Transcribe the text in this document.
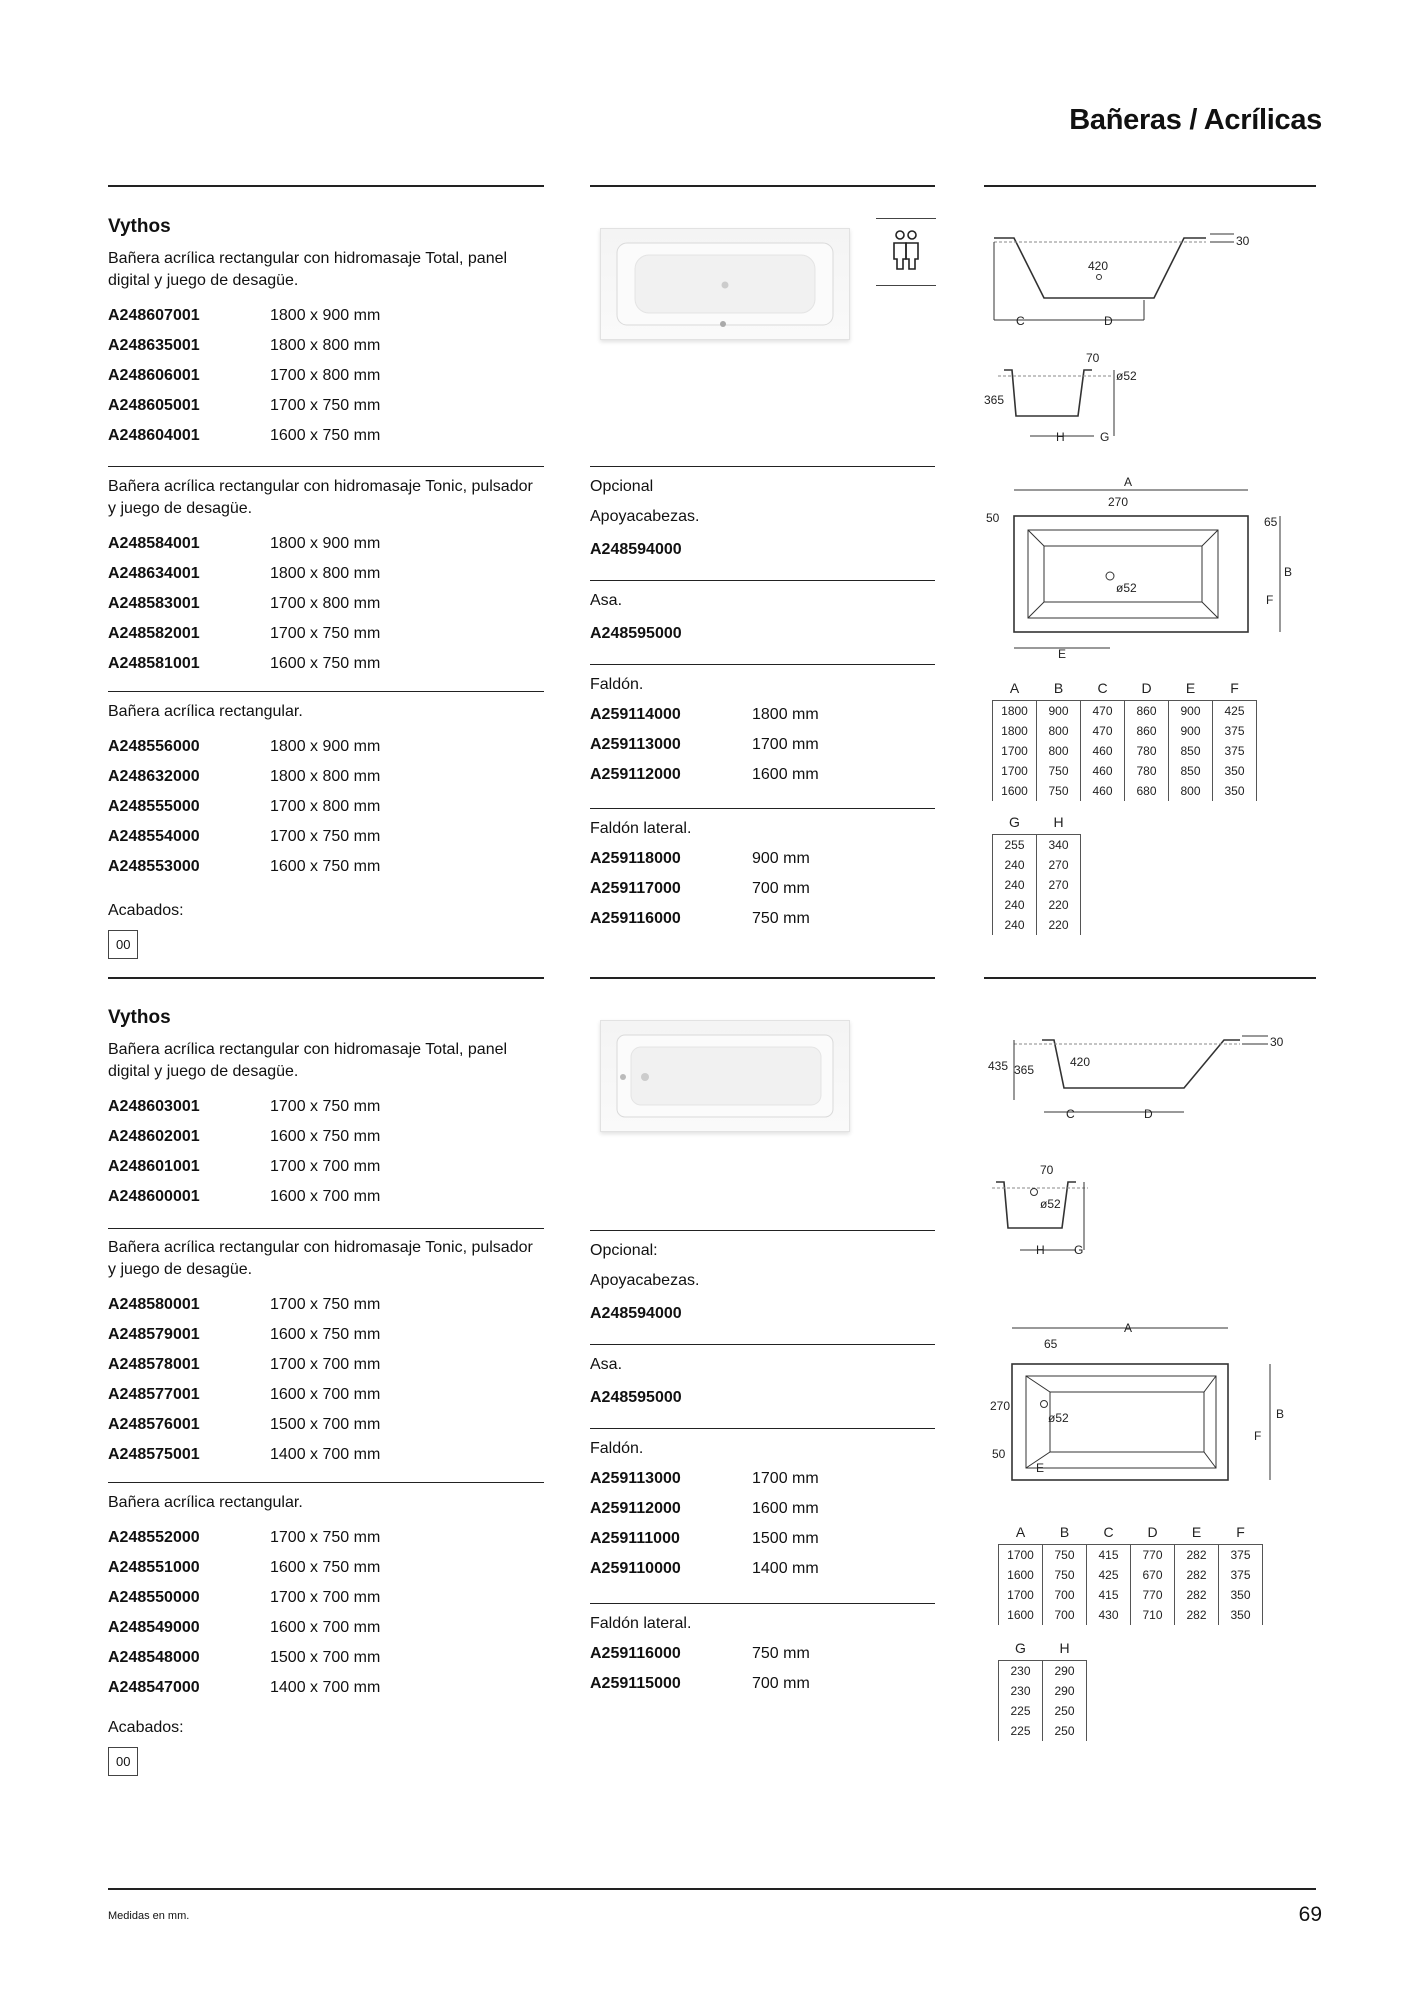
Bañeras / Acrílicas
Vythos
Bañera acrílica rectangular con hidromasaje Total, panel digital y juego de desagüe.
A248607001	1800 x 900 mm
A248635001	1800 x 800 mm
A248606001	1700 x 800 mm
A248605001	1700 x 750 mm
A248604001	1600 x 750 mm
Bañera acrílica rectangular con hidromasaje Tonic, pulsador y juego de desagüe.
A248584001	1800 x 900 mm
A248634001	1800 x 800 mm
A248583001	1700 x 800 mm
A248582001	1700 x 750 mm
A248581001	1600 x 750 mm
Bañera acrílica rectangular.
A248556000	1800 x 900 mm
A248632000	1800 x 800 mm
A248555000	1700 x 800 mm
A248554000	1700 x 750 mm
A248553000	1600 x 750 mm
Acabados:
00
Opcional
Apoyacabezas.
A248594000
Asa.
A248595000
Faldón.
A259114000	1800 mm
A259113000	1700 mm
A259112000	1600 mm
Faldón lateral.
A259118000	900 mm
A259117000	700 mm
A259116000	750 mm
30
420
C	D
70
ø52
365
H	G
A
270
50	65
ø52
B
F
E
A	B	C	D	E	F
1800	900	470	860	900	425
1800	800	470	860	900	375
1700	800	460	780	850	375
1700	750	460	780	850	350
1600	750	460	680	800	350
G	H
255	340
240	270
240	270
240	220
240	220
Vythos
Bañera acrílica rectangular con hidromasaje Total, panel digital y juego de desagüe.
A248603001	1700 x 750 mm
A248602001	1600 x 750 mm
A248601001	1700 x 700 mm
A248600001	1600 x 700 mm
Bañera acrílica rectangular con hidromasaje Tonic, pulsador y juego de desagüe.
A248580001	1700 x 750 mm
A248579001	1600 x 750 mm
A248578001	1700 x 700 mm
A248577001	1600 x 700 mm
A248576001	1500 x 700 mm
A248575001	1400 x 700 mm
Bañera acrílica rectangular.
A248552000	1700 x 750 mm
A248551000	1600 x 750 mm
A248550000	1700 x 700 mm
A248549000	1600 x 700 mm
A248548000	1500 x 700 mm
A248547000	1400 x 700 mm
Acabados:
00
Opcional:
Apoyacabezas.
A248594000
Asa.
A248595000
Faldón.
A259113000	1700 mm
A259112000	1600 mm
A259111000	1500 mm
A259110000	1400 mm
Faldón lateral.
A259116000	750 mm
A259115000	700 mm
30
435 365
420
C	D
70
ø52
H G
A
65
270
ø52
50
E
B
F
A	B	C	D	E	F
1700	750	415	770	282	375
1600	750	425	670	282	375
1700	700	415	770	282	350
1600	700	430	710	282	350
G	H
230	290
230	290
225	250
225	250
Medidas en mm.	69
